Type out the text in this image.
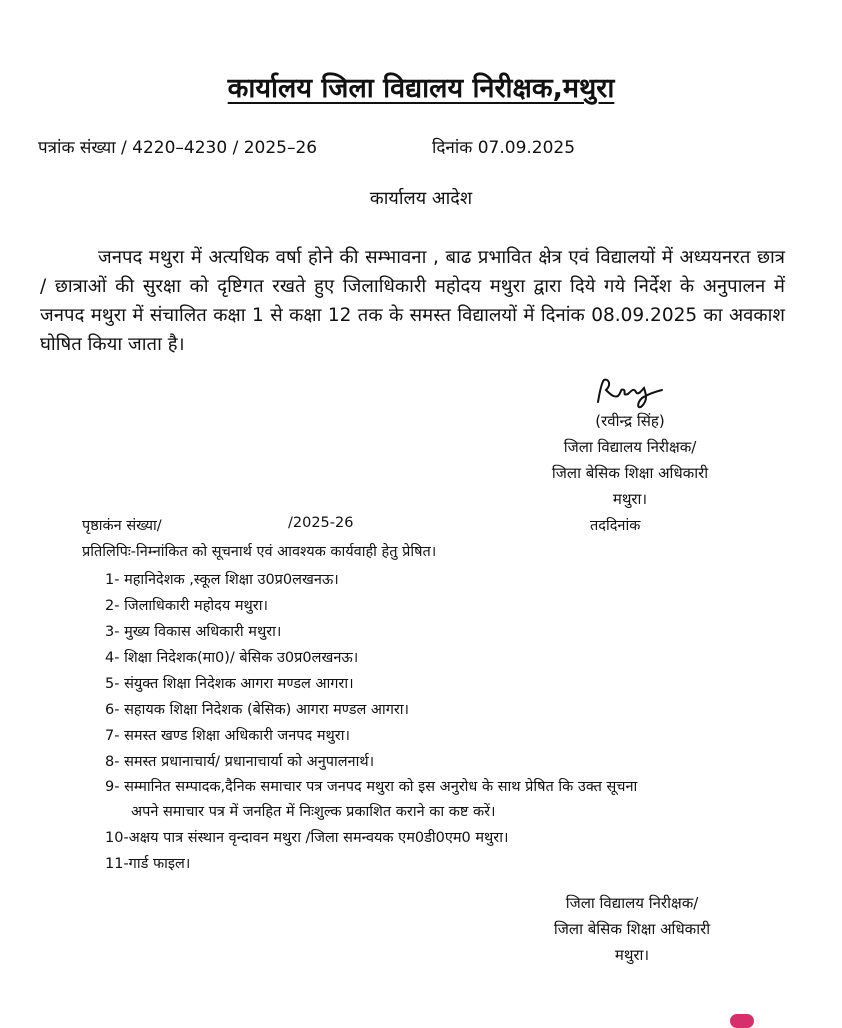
कार्यालय जिला विद्यालय निरीक्षक,मथुरा
पत्रांक संख्या / 4220–4230 / 2025–26	दिनांक 07.09.2025
कार्यालय आदेश

जनपद मथुरा में अत्यधिक वर्षा होने की सम्भावना , बाढ प्रभावित क्षेत्र एवं विद्यालयों में अध्ययनरत छात्र / छात्राओं की सुरक्षा को दृष्टिगत रखते हुए जिलाधिकारी महोदय मथुरा द्वारा दिये गये निर्देश के अनुपालन में जनपद मथुरा में संचालित कक्षा 1 से कक्षा 12 तक के समस्त विद्यालयों में दिनांक 08.09.2025 का अवकाश घोषित किया जाता है।

(रवीन्द्र सिंह)
जिला विद्यालय निरीक्षक/
जिला बेसिक शिक्षा अधिकारी
मथुरा।
पृष्ठाकंन संख्या/	/2025-26	तददिनांक
प्रतिलिपिः-निम्नांकित को सूचनार्थ एवं आवश्यक कार्यवाही हेतु प्रेषित।
1- महानिदेशक ,स्कूल शिक्षा उ0प्र0लखनऊ।
2- जिलाधिकारी महोदय मथुरा।
3- मुख्य विकास अधिकारी मथुरा।
4- शिक्षा निदेशक(मा0)/ बेसिक उ0प्र0लखनऊ।
5- संयुक्त शिक्षा निदेशक आगरा मण्डल आगरा।
6- सहायक शिक्षा निदेशक (बेसिक) आगरा मण्डल आगरा।
7- समस्त खण्ड शिक्षा अधिकारी जनपद मथुरा।
8- समस्त प्रधानाचार्य/ प्रधानाचार्या को अनुपालनार्थ।
9- सम्मानित सम्पादक,दैनिक समाचार पत्र जनपद मथुरा को इस अनुरोध के साथ प्रेषित कि उक्त सूचना
अपने समाचार पत्र में जनहित में निःशुल्क प्रकाशित कराने का कष्ट करें।
10-अक्षय पात्र संस्थान वृन्दावन मथुरा /जिला समन्वयक एम0डी0एम0 मथुरा।
11-गार्ड फाइल।
जिला विद्यालय निरीक्षक/
जिला बेसिक शिक्षा अधिकारी
मथुरा।
